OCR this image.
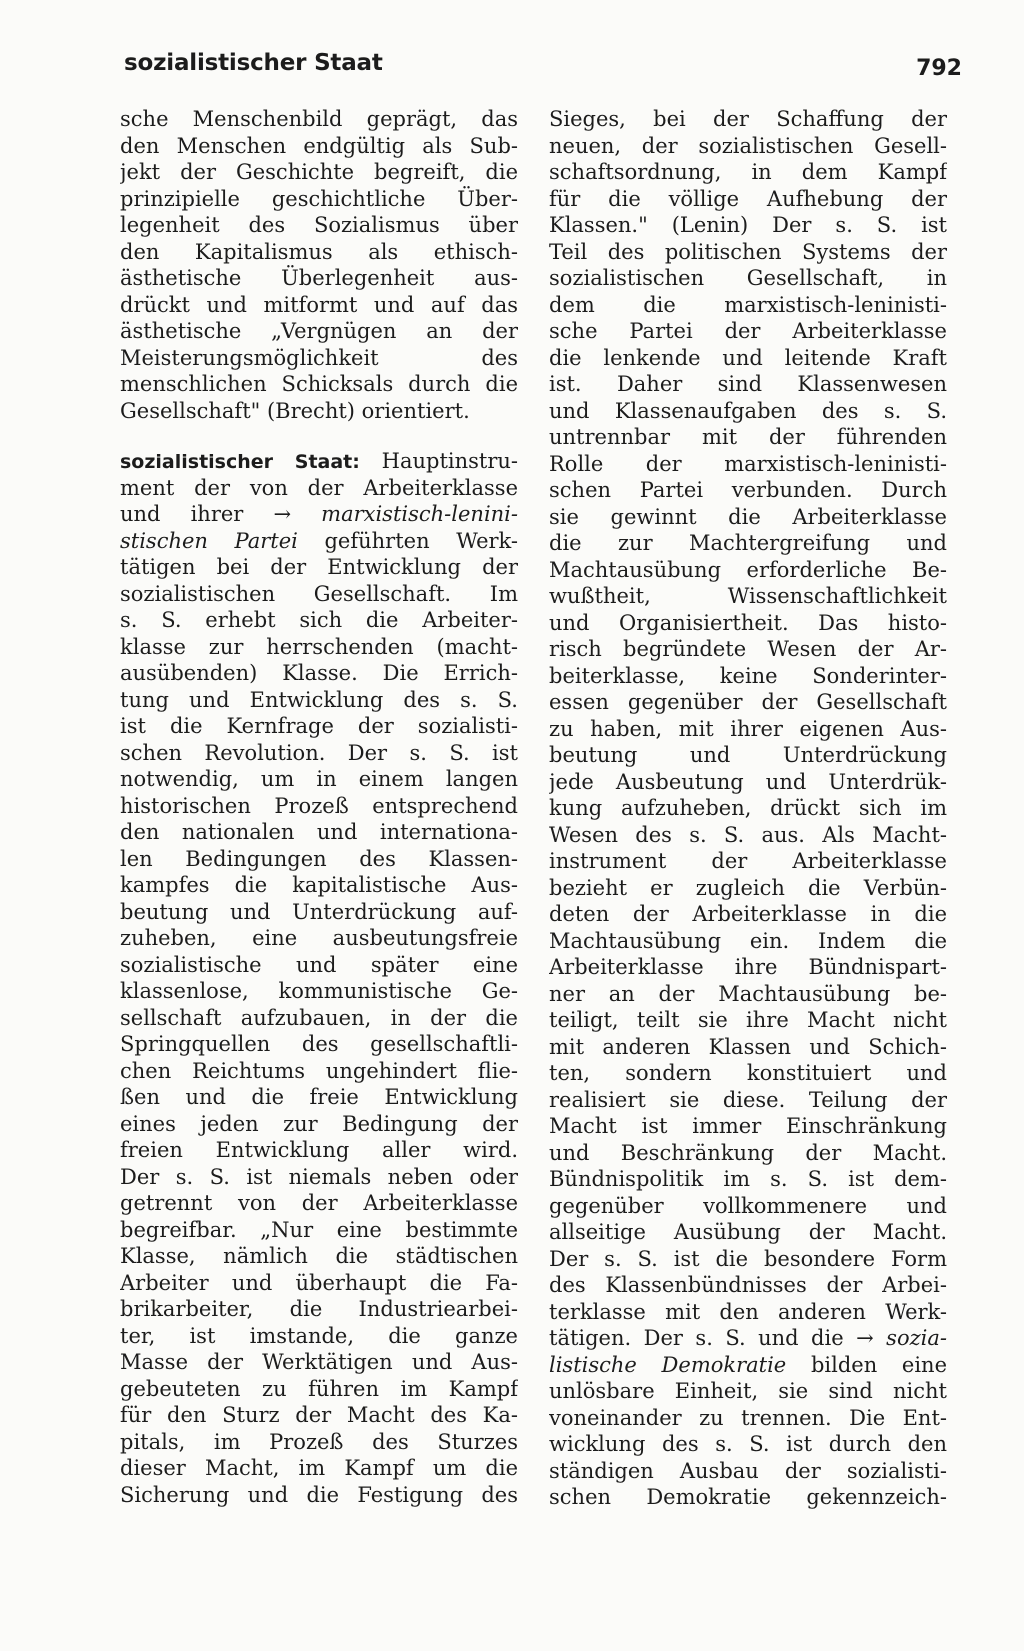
sozialistischer Staat	792
sche Menschenbild geprägt, das
den Menschen endgültig als Sub-
jekt der Geschichte begreift, die
prinzipielle geschichtliche Über-
legenheit des Sozialismus über
den Kapitalismus als ethisch-
ästhetische Überlegenheit aus-
drückt und mitformt und auf das
ästhetische „Vergnügen an der
Meisterungsmöglichkeit des
menschlichen Schicksals durch die
Gesellschaft" (Brecht) orientiert.
sozialistischer Staat: Hauptinstru-
ment der von der Arbeiterklasse
und ihrer → marxistisch-lenini-
stischen Partei geführten Werk-
tätigen bei der Entwicklung der
sozialistischen Gesellschaft. Im
s. S. erhebt sich die Arbeiter-
klasse zur herrschenden (macht-
ausübenden) Klasse. Die Errich-
tung und Entwicklung des s. S.
ist die Kernfrage der sozialisti-
schen Revolution. Der s. S. ist
notwendig, um in einem langen
historischen Prozeß entsprechend
den nationalen und internationa-
len Bedingungen des Klassen-
kampfes die kapitalistische Aus-
beutung und Unterdrückung auf-
zuheben, eine ausbeutungsfreie
sozialistische und später eine
klassenlose, kommunistische Ge-
sellschaft aufzubauen, in der die
Springquellen des gesellschaftli-
chen Reichtums ungehindert flie-
ßen und die freie Entwicklung
eines jeden zur Bedingung der
freien Entwicklung aller wird.
Der s. S. ist niemals neben oder
getrennt von der Arbeiterklasse
begreifbar. „Nur eine bestimmte
Klasse, nämlich die städtischen
Arbeiter und überhaupt die Fa-
brikarbeiter, die Industriearbei-
ter, ist imstande, die ganze
Masse der Werktätigen und Aus-
gebeuteten zu führen im Kampf
für den Sturz der Macht des Ka-
pitals, im Prozeß des Sturzes
dieser Macht, im Kampf um die
Sicherung und die Festigung des
Sieges, bei der Schaffung der
neuen, der sozialistischen Gesell-
schaftsordnung, in dem Kampf
für die völlige Aufhebung der
Klassen." (Lenin) Der s. S. ist
Teil des politischen Systems der
sozialistischen Gesellschaft, in
dem die marxistisch-leninisti-
sche Partei der Arbeiterklasse
die lenkende und leitende Kraft
ist. Daher sind Klassenwesen
und Klassenaufgaben des s. S.
untrennbar mit der führenden
Rolle der marxistisch-leninisti-
schen Partei verbunden. Durch
sie gewinnt die Arbeiterklasse
die zur Machtergreifung und
Machtausübung erforderliche Be-
wußtheit, Wissenschaftlichkeit
und Organisiertheit. Das histo-
risch begründete Wesen der Ar-
beiterklasse, keine Sonderinter-
essen gegenüber der Gesellschaft
zu haben, mit ihrer eigenen Aus-
beutung und Unterdrückung
jede Ausbeutung und Unterdrük-
kung aufzuheben, drückt sich im
Wesen des s. S. aus. Als Macht-
instrument der Arbeiterklasse
bezieht er zugleich die Verbün-
deten der Arbeiterklasse in die
Machtausübung ein. Indem die
Arbeiterklasse ihre Bündnispart-
ner an der Machtausübung be-
teiligt, teilt sie ihre Macht nicht
mit anderen Klassen und Schich-
ten, sondern konstituiert und
realisiert sie diese. Teilung der
Macht ist immer Einschränkung
und Beschränkung der Macht.
Bündnispolitik im s. S. ist dem-
gegenüber vollkommenere und
allseitige Ausübung der Macht.
Der s. S. ist die besondere Form
des Klassenbündnisses der Arbei-
terklasse mit den anderen Werk-
tätigen. Der s. S. und die → sozia-
listische Demokratie bilden eine
unlösbare Einheit, sie sind nicht
voneinander zu trennen. Die Ent-
wicklung des s. S. ist durch den
ständigen Ausbau der sozialisti-
schen Demokratie gekennzeich-
